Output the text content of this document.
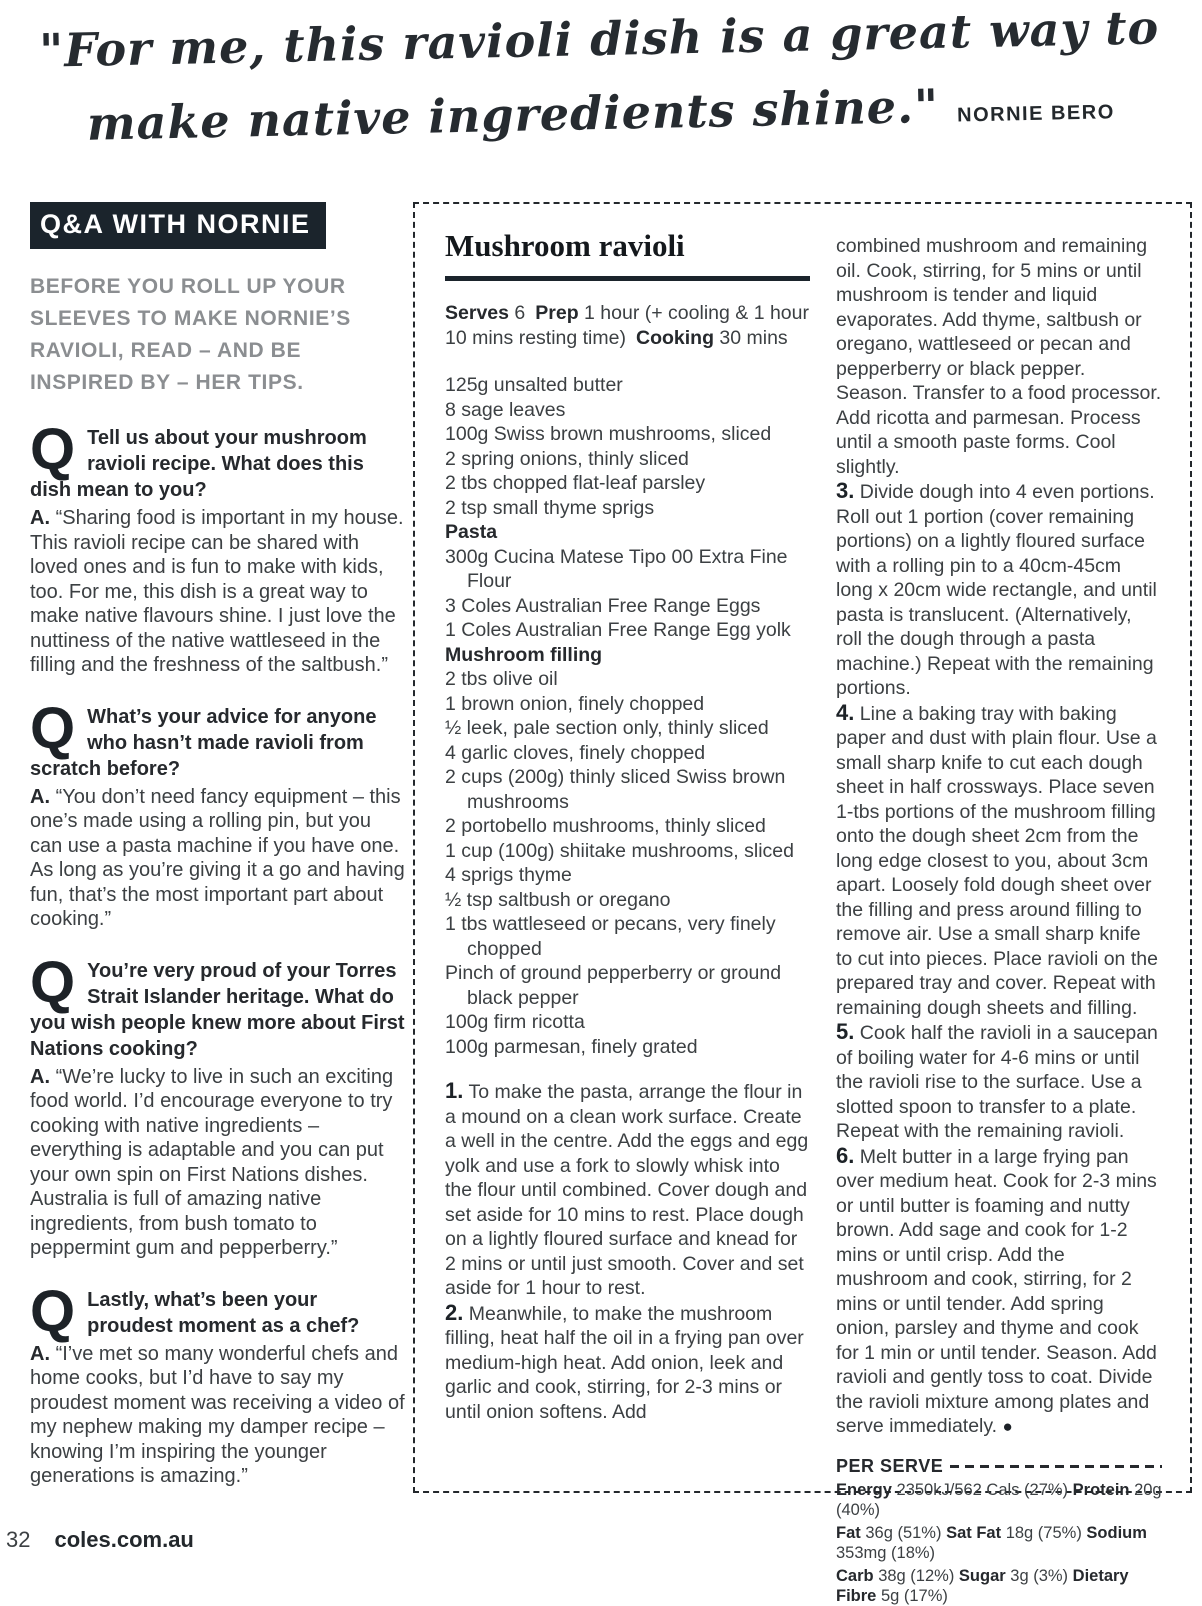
"For me, this ravioli dish is a great way to
make native ingredients shine." NORNIE BERO
Q&A WITH NORNIE

BEFORE YOU ROLL UP YOUR SLEEVES TO MAKE NORNIE’S RAVIOLI, READ – AND BE INSPIRED BY – HER TIPS.

Q Tell us about your mushroom ravioli recipe. What does this dish mean to you?

A. “Sharing food is important in my house. This ravioli recipe can be shared with loved ones and is fun to make with kids, too. For me, this dish is a great way to make native flavours shine. I just love the nuttiness of the native wattleseed in the filling and the freshness of the saltbush.”

Q What’s your advice for anyone who hasn’t made ravioli from scratch before?

A. “You don’t need fancy equipment – this one’s made using a rolling pin, but you can use a pasta machine if you have one. As long as you’re giving it a go and having fun, that’s the most important part about cooking.”

Q You’re very proud of your Torres Strait Islander heritage. What do you wish people knew more about First Nations cooking?

A. “We’re lucky to live in such an exciting food world. I’d encourage everyone to try cooking with native ingredients – everything is adaptable and you can put your own spin on First Nations dishes. Australia is full of amazing native ingredients, from bush tomato to peppermint gum and pepperberry.”

Q Lastly, what’s been your proudest moment as a chef?

A. “I’ve met so many wonderful chefs and home cooks, but I’d have to say my proudest moment was receiving a video of my nephew making my damper recipe – knowing I’m inspiring the younger generations is amazing.”

Mushroom ravioli

Serves 6 Prep 1 hour (+ cooling & 1 hour 10 mins resting time) Cooking 30 mins

125g unsalted butter
8 sage leaves
100g Swiss brown mushrooms, sliced
2 spring onions, thinly sliced
2 tbs chopped flat-leaf parsley
2 tsp small thyme sprigs
Pasta
300g Cucina Matese Tipo 00 Extra Fine Flour
3 Coles Australian Free Range Eggs
1 Coles Australian Free Range Egg yolk
Mushroom filling
2 tbs olive oil
1 brown onion, finely chopped
½ leek, pale section only, thinly sliced
4 garlic cloves, finely chopped
2 cups (200g) thinly sliced Swiss brown mushrooms
2 portobello mushrooms, thinly sliced
1 cup (100g) shiitake mushrooms, sliced
4 sprigs thyme
½ tsp saltbush or oregano
1 tbs wattleseed or pecans, very finely chopped
Pinch of ground pepperberry or ground black pepper
100g firm ricotta
100g parmesan, finely grated

1. To make the pasta, arrange the flour in a mound on a clean work surface. Create a well in the centre. Add the eggs and egg yolk and use a fork to slowly whisk into the flour until combined. Cover dough and set aside for 10 mins to rest. Place dough on a lightly floured surface and knead for 2 mins or until just smooth. Cover and set aside for 1 hour to rest.

2. Meanwhile, to make the mushroom filling, heat half the oil in a frying pan over medium-high heat. Add onion, leek and garlic and cook, stirring, for 2-3 mins or until onion softens. Add

combined mushroom and remaining oil. Cook, stirring, for 5 mins or until mushroom is tender and liquid evaporates. Add thyme, saltbush or oregano, wattleseed or pecan and pepperberry or black pepper. Season. Transfer to a food processor. Add ricotta and parmesan. Process until a smooth paste forms. Cool slightly.

3. Divide dough into 4 even portions. Roll out 1 portion (cover remaining portions) on a lightly floured surface with a rolling pin to a 40cm-45cm long x 20cm wide rectangle, and until pasta is translucent. (Alternatively, roll the dough through a pasta machine.) Repeat with the remaining portions.

4. Line a baking tray with baking paper and dust with plain flour. Use a small sharp knife to cut each dough sheet in half crossways. Place seven 1-tbs portions of the mushroom filling onto the dough sheet 2cm from the long edge closest to you, about 3cm apart. Loosely fold dough sheet over the filling and press around filling to remove air. Use a small sharp knife to cut into pieces. Place ravioli on the prepared tray and cover. Repeat with remaining dough sheets and filling.

5. Cook half the ravioli in a saucepan of boiling water for 4-6 mins or until the ravioli rise to the surface. Use a slotted spoon to transfer to a plate. Repeat with the remaining ravioli.

6. Melt butter in a large frying pan over medium heat. Cook for 2-3 mins or until butter is foaming and nutty brown. Add sage and cook for 1-2 mins or until crisp. Add the mushroom and cook, stirring, for 2 mins or until tender. Add spring onion, parsley and thyme and cook for 1 min or until tender. Season. Add ravioli and gently toss to coat. Divide the ravioli mixture among plates and serve immediately. ●

PER SERVE

Energy 2350kJ/562 Cals (27%) Protein 20g (40%)

Fat 36g (51%) Sat Fat 18g (75%) Sodium 353mg (18%)

Carb 38g (12%) Sugar 3g (3%) Dietary Fibre 5g (17%)

32 coles.com.au
